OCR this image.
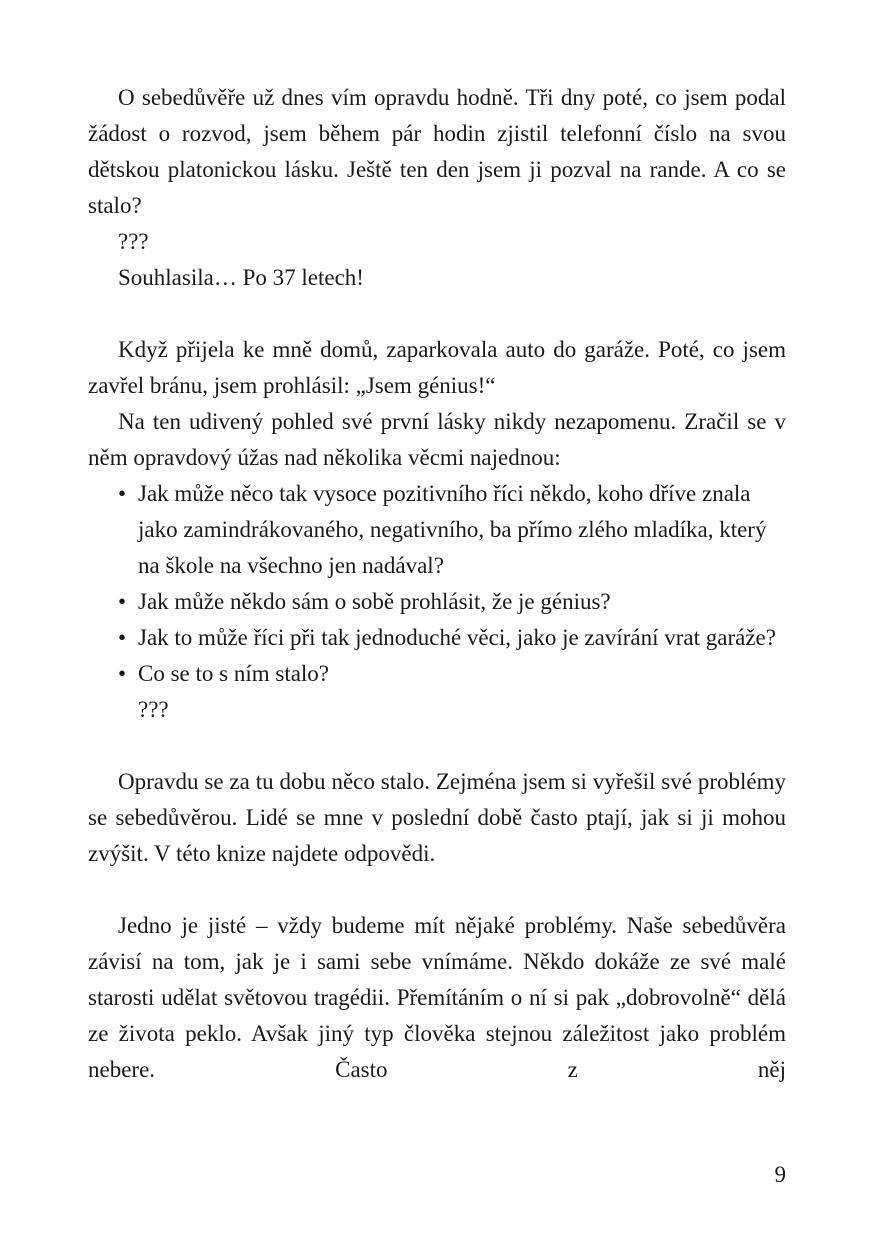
O sebedůvěře už dnes vím opravdu hodně. Tři dny poté, co jsem podal žádost o rozvod, jsem během pár hodin zjistil telefonní číslo na svou dětskou platonickou lásku. Ještě ten den jsem ji pozval na rande. A co se stalo?

???

Souhlasila… Po 37 letech!

Když přijela ke mně domů, zaparkovala auto do garáže. Poté, co jsem zavřel bránu, jsem prohlásil: „Jsem génius!“

Na ten udivený pohled své první lásky nikdy nezapomenu. Zračil se v něm opravdový úžas nad několika věcmi najednou:

• Jak může něco tak vysoce pozitivního říci někdo, koho dříve znala jako zamindrákovaného, negativního, ba přímo zlého mladíka, který na škole na všechno jen nadával?
• Jak může někdo sám o sobě prohlásit, že je génius?
• Jak to může říci při tak jednoduché věci, jako je zavírání vrat garáže?
• Co se to s ním stalo?
???

Opravdu se za tu dobu něco stalo. Zejména jsem si vyřešil své problémy se sebedůvěrou. Lidé se mne v poslední době často ptají, jak si ji mohou zvýšit. V této knize najdete odpovědi.

Jedno je jisté – vždy budeme mít nějaké problémy. Naše sebedůvěra závisí na tom, jak je i sami sebe vnímáme. Někdo dokáže ze své malé starosti udělat světovou tragédii. Přemítáním o ní si pak „dobrovolně“ dělá ze života peklo. Avšak jiný typ člověka stejnou záležitost jako problém nebere. Často z něj

9
